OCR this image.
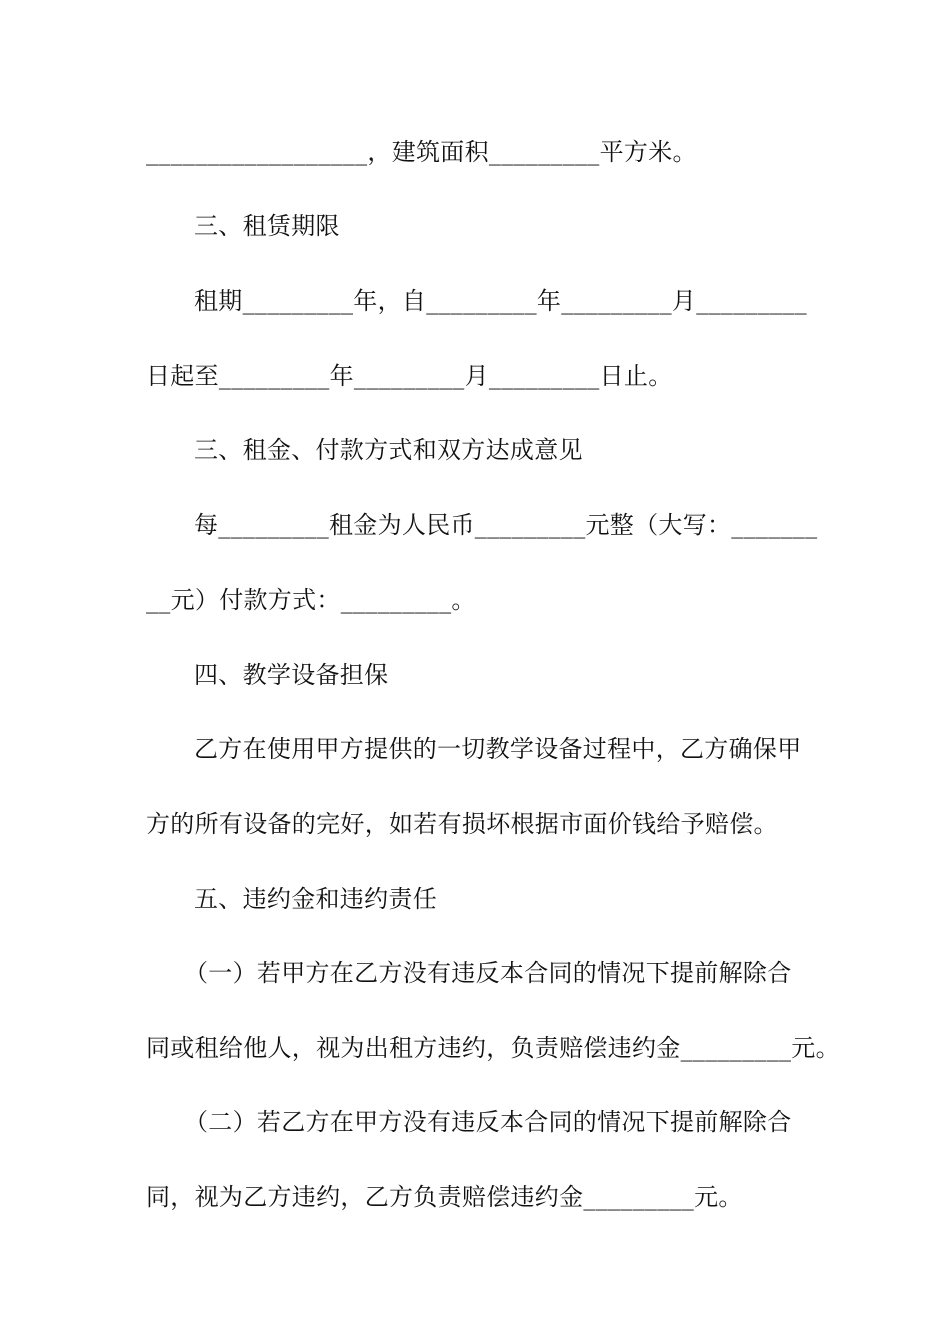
__________________，建筑面积_________平方米。
三、租赁期限
租期_________年，自_________年_________月_________
日起至_________年_________月_________日止。
三、租金、付款方式和双方达成意见
每_________租金为人民币_________元整（大写：_______
__元）付款方式：_________。
四、教学设备担保
乙方在使用甲方提供的一切教学设备过程中，乙方确保甲
方的所有设备的完好，如若有损坏根据市面价钱给予赔偿。
五、违约金和违约责任
（一）若甲方在乙方没有违反本合同的情况下提前解除合
同或租给他人，视为出租方违约，负责赔偿违约金_________元。
（二）若乙方在甲方没有违反本合同的情况下提前解除合
同，视为乙方违约，乙方负责赔偿违约金_________元。
